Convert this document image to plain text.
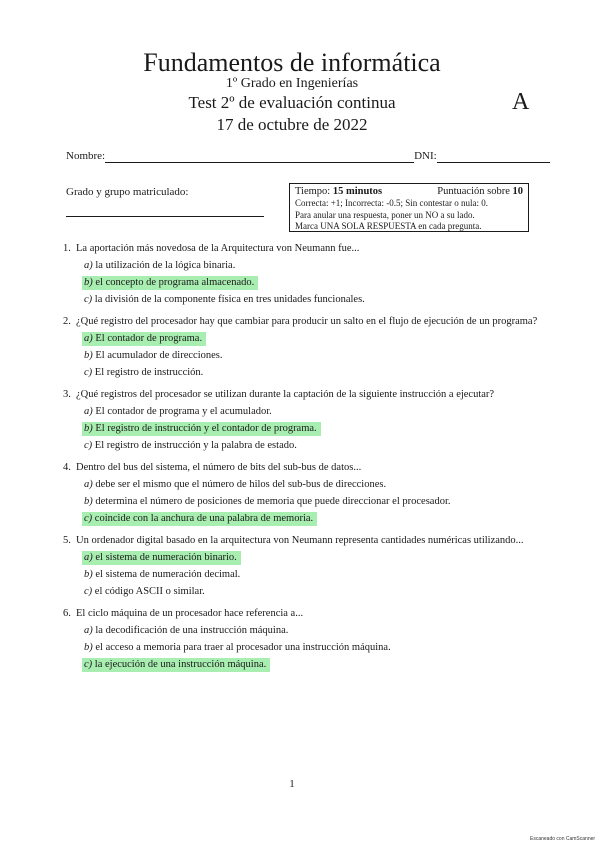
Fundamentos de informática
1º Grado en Ingenierías
Test 2º de evaluación continua
17 de octubre de 2022
A
Nombre:	DNI:
Grado y grupo matriculado:	Tiempo: 15 minutos	Puntuación sobre 10
Correcta: +1; Incorrecta: -0.5; Sin contestar o nula: 0.
Para anular una respuesta, poner un NO a su lado.
Marca UNA SOLA RESPUESTA en cada pregunta.
1. La aportación más novedosa de la Arquitectura von Neumann fue...
a) la utilización de la lógica binaria.
b) el concepto de programa almacenado.
c) la división de la componente física en tres unidades funcionales.
2. ¿Qué registro del procesador hay que cambiar para producir un salto en el flujo de ejecución de un programa?
a) El contador de programa.
b) El acumulador de direcciones.
c) El registro de instrucción.
3. ¿Qué registros del procesador se utilizan durante la captación de la siguiente instrucción a ejecutar?
a) El contador de programa y el acumulador.
b) El registro de instrucción y el contador de programa.
c) El registro de instrucción y la palabra de estado.
4. Dentro del bus del sistema, el número de bits del sub-bus de datos...
a) debe ser el mismo que el número de hilos del sub-bus de direcciones.
b) determina el número de posiciones de memoria que puede direccionar el procesador.
c) coincide con la anchura de una palabra de memoria.
5. Un ordenador digital basado en la arquitectura von Neumann representa cantidades numéricas utilizando...
a) el sistema de numeración binario.
b) el sistema de numeración decimal.
c) el código ASCII o similar.
6. El ciclo máquina de un procesador hace referencia a...
a) la decodificación de una instrucción máquina.
b) el acceso a memoria para traer al procesador una instrucción máquina.
c) la ejecución de una instrucción máquina.
1
Escaneado con CamScanner
